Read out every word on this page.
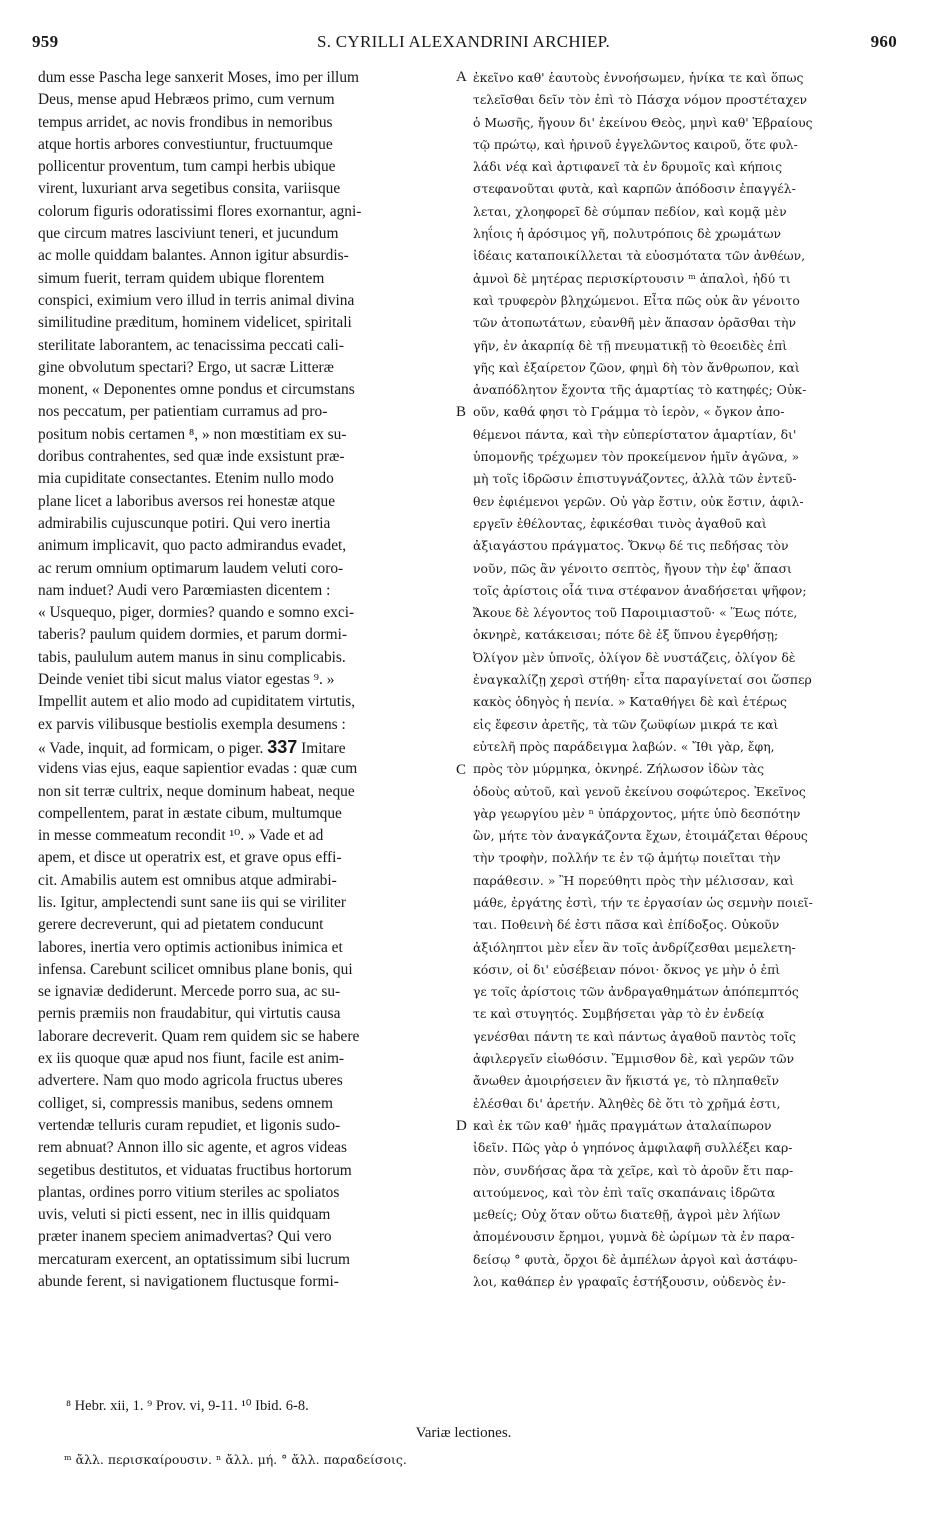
959	S. CYRILLI ALEXANDRINI ARCHIEP.	960
dum esse Pascha lege sanxerit Moses, imo per illum
Deus, mense apud Hebræos primo, cum vernum
tempus arridet, ac novis frondibus in nemoribus
atque hortis arbores convestiuntur, fructuumque
pollicentur proventum, tum campi herbis ubique
virent, luxuriant arva segetibus consita, variisque
colorum figuris odoratissimi flores exornantur, agni-
que circum matres lasciviunt teneri, et jucundum
ac molle quiddam balantes. Annon igitur absurdis-
simum fuerit, terram quidem ubique florentem
conspici, eximium vero illud in terris animal divina
similitudine præditum, hominem videlicet, spiritali
sterilitate laborantem, ac tenacissima peccati cali-
gine obvolutum spectari? Ergo, ut sacræ Litteræ
monent, « Deponentes omne pondus et circumstans
nos peccatum, per patientiam curramus ad pro-
positum nobis certamen ⁸, » non mœstitiam ex su-
doribus contrahentes, sed quæ inde exsistunt præ-
mia cupiditate consectantes. Etenim nullo modo
plane licet a laboribus aversos rei honestæ atque
admirabilis cujuscunque potiri. Qui vero inertia
animum implicavit, quo pacto admirandus evadet,
ac rerum omnium optimarum laudem veluti coro-
nam induet? Audi vero Parœmiasten dicentem :
« Usquequo, piger, dormies? quando e somno exci-
taberis? paulum quidem dormies, et parum dormi-
tabis, paululum autem manus in sinu complicabis.
Deinde veniet tibi sicut malus viator egestas ⁹. »
Impellit autem et alio modo ad cupiditatem virtutis,
ex parvis vilibusque bestiolis exempla desumens :
« Vade, inquit, ad formicam, o piger. 337 Imitare
videns vias ejus, eaque sapientior evadas : quæ cum
non sit terræ cultrix, neque dominum habeat, neque
compellentem, parat in æstate cibum, multumque
in messe commeatum recondit ¹⁰. » Vade et ad
apem, et disce ut operatrix est, et grave opus effi-
cit. Amabilis autem est omnibus atque admirabi-
lis. Igitur, amplectendi sunt sane iis qui se viriliter
gerere decreverunt, qui ad pietatem conducunt
labores, inertia vero optimis actionibus inimica et
infensa. Carebunt scilicet omnibus plane bonis, qui
se ignaviæ dediderunt. Mercede porro sua, ac su-
pernis præmiis non fraudabitur, qui virtutis causa
laborare decreverit. Quam rem quidem sic se habere
ex iis quoque quæ apud nos fiunt, facile est anim-
advertere. Nam quo modo agricola fructus uberes
colliget, si, compressis manibus, sedens omnem
vertendæ telluris curam repudiet, et ligonis sudo-
rem abnuat? Annon illo sic agente, et agros videas
segetibus destitutos, et viduatas fructibus hortorum
plantas, ordines porro vitium steriles ac spoliatos
uvis, veluti si picti essent, nec in illis quidquam
præter inanem speciem animadvertas? Qui vero
mercaturam exercent, an optatissimum sibi lucrum
abunde ferent, si navigationem fluctusque formi-
ἐκεῖνο καθ' ἑαυτοὺς ἐννοήσωμεν, ἡνίκα τε καὶ ὅπως
τελεῖσθαι δεῖν τὸν ἐπὶ τὸ Πάσχα νόμον προστέταχεν
ὁ Μωσῆς, ἤγουν δι' ἐκείνου Θεὸς, μηνὶ καθ' Ἑβραίους
τῷ πρώτῳ, καὶ ἠρινοῦ ἐγγελῶντος καιροῦ, ὅτε φυλ-
λάδι νέᾳ καὶ ἀρτιφανεῖ τὰ ἐν δρυμοῖς καὶ κήποις
στεφανοῦται φυτὰ, καὶ καρπῶν ἀπόδοσιν ἐπαγγέλ-
λεται, χλοηφορεῖ δὲ σύμπαν πεδίον, καὶ κομᾷ μὲν
ληΐοις ἡ ἀρόσιμος γῆ, πολυτρόποις δὲ χρωμάτων
ἰδέαις καταποικίλλεται τὰ εὐοσμότατα τῶν ἀνθέων,
ἀμνοὶ δὲ μητέρας περισκίρτουσιν ᵐ ἁπαλοὶ, ἡδύ τι
καὶ τρυφερὸν βληχώμενοι. Εἶτα πῶς οὐκ ἂν γένοιτο
τῶν ἀτοπωτάτων, εὐανθῆ μὲν ἅπασαν ὁρᾶσθαι τὴν
γῆν, ἐν ἀκαρπίᾳ δὲ τῇ πνευματικῇ τὸ θεοειδὲς ἐπὶ
γῆς καὶ ἐξαίρετον ζῶον, φημὶ δὴ τὸν ἄνθρωπον, καὶ
ἀναπόδλητον ἔχοντα τῆς ἁμαρτίας τὸ κατηφές; Οὐκ-
οῦν, καθά φησι τὸ Γράμμα τὸ ἱερὸν, « ὄγκον ἀπο-
θέμενοι πάντα, καὶ τὴν εὐπερίστατον ἁμαρτίαν, δι'
ὑπομονῆς τρέχωμεν τὸν προκείμενον ἡμῖν ἀγῶνα, »
μὴ τοῖς ἱδρῶσιν ἐπιστυγνάζοντες, ἀλλὰ τῶν ἐντεῦ-
θεν ἐφιέμενοι γερῶν. Οὐ γὰρ ἔστιν, οὐκ ἔστιν, ἀφιλ-
εργεῖν ἐθέλοντας, ἐφικέσθαι τινὸς ἀγαθοῦ καὶ
ἀξιαγάστου πράγματος. Ὄκνῳ δέ τις πεδήσας τὸν
νοῦν, πῶς ἂν γένοιτο σεπτὸς, ἤγουν τὴν ἐφ' ἅπασι
τοῖς ἀρίστοις οἷά τινα στέφανον ἀναδήσεται ψῆφον;
Ἄκουε δὲ λέγοντος τοῦ Παροιμιαστοῦ· « Ἕως πότε,
ὀκνηρὲ, κατάκεισαι; πότε δὲ ἐξ ὕπνου ἐγερθήσῃ;
Ὀλίγον μὲν ὑπνοῖς, ὀλίγον δὲ νυστάζεις, ὀλίγον δὲ
ἐναγκαλίζῃ χερσὶ στήθη· εἶτα παραγίνεταί σοι ὥσπερ
κακὸς ὁδηγὸς ἡ πενία. » Καταθήγει δὲ καὶ ἑτέρως
εἰς ἔφεσιν ἀρετῆς, τὰ τῶν ζωϋφίων μικρά τε καὶ
εὐτελῆ πρὸς παράδειγμα λαβών. « Ἴθι γὰρ, ἔφη,
πρὸς τὸν μύρμηκα, ὀκνηρέ. Ζήλωσον ἰδὼν τὰς
ὁδοὺς αὐτοῦ, καὶ γενοῦ ἐκείνου σοφώτερος. Ἐκεῖνος
γὰρ γεωργίου μὲν ⁿ ὑπάρχοντος, μήτε ὑπὸ δεσπότην
ὢν, μήτε τὸν ἀναγκάζοντα ἔχων, ἑτοιμάζεται θέρους
τὴν τροφὴν, πολλήν τε ἐν τῷ ἀμήτῳ ποιεῖται τὴν
παράθεσιν. » Ἢ πορεύθητι πρὸς τὴν μέλισσαν, καὶ
μάθε, ἐργάτης ἐστὶ, τήν τε ἐργασίαν ὡς σεμνὴν ποιεῖ-
ται. Ποθεινὴ δέ ἐστι πᾶσα καὶ ἐπίδοξος. Οὐκοῦν
ἀξιόληπτοι μὲν εἶεν ἂν τοῖς ἀνδρίζεσθαι μεμελετη-
κόσιν, οἱ δι' εὐσέβειαν πόνοι· ὄκνος γε μὴν ὁ ἐπὶ
γε τοῖς ἀρίστοις τῶν ἀνδραγαθημάτων ἀπόπεμπτός
τε καὶ στυγητός. Συμβήσεται γὰρ τὸ ἐν ἐνδείᾳ
γενέσθαι πάντη τε καὶ πάντως ἀγαθοῦ παντὸς τοῖς
ἀφιλεργεῖν εἰωθόσιν. Ἔμμισθον δὲ, καὶ γερῶν τῶν
ἄνωθεν ἀμοιρήσειεν ἂν ἥκιστά γε, τὸ πληπαθεῖν
ἑλέσθαι δι' ἀρετήν. Ἀληθὲς δὲ ὅτι τὸ χρῆμά ἐστι,
καὶ ἐκ τῶν καθ' ἡμᾶς πραγμάτων ἀταλαίπωρον
ἰδεῖν. Πῶς γὰρ ὁ γηπόνος ἀμφιλαφῆ συλλέξει καρ-
πὸν, συνδήσας ἄρα τὰ χεῖρε, καὶ τὸ ἀροῦν ἔτι παρ-
αιτούμενος, καὶ τὸν ἐπὶ ταῖς σκαπάναις ἱδρῶτα
μεθείς; Οὐχ ὅταν οὕτω διατεθῇ, ἀγροὶ μὲν λήϊων
ἀπομένουσιν ἔρημοι, γυμνὰ δὲ ὡρίμων τὰ ἐν παρα-
δείσῳ ° φυτὰ, ὄρχοι δὲ ἀμπέλων ἀργοὶ καὶ ἀστάφυ-
λοι, καθάπερ ἐν γραφαῖς ἑστήξουσιν, οὐδενὸς ἐν-
A
B
C
D
⁸ Hebr. xii, 1. ⁹ Prov. vi, 9-11. ¹⁰ Ibid. 6-8.
Variæ lectiones.
ᵐ ἄλλ. περισκαίρουσιν. ⁿ ἄλλ. μή. ° ἄλλ. παραδείσοις.
